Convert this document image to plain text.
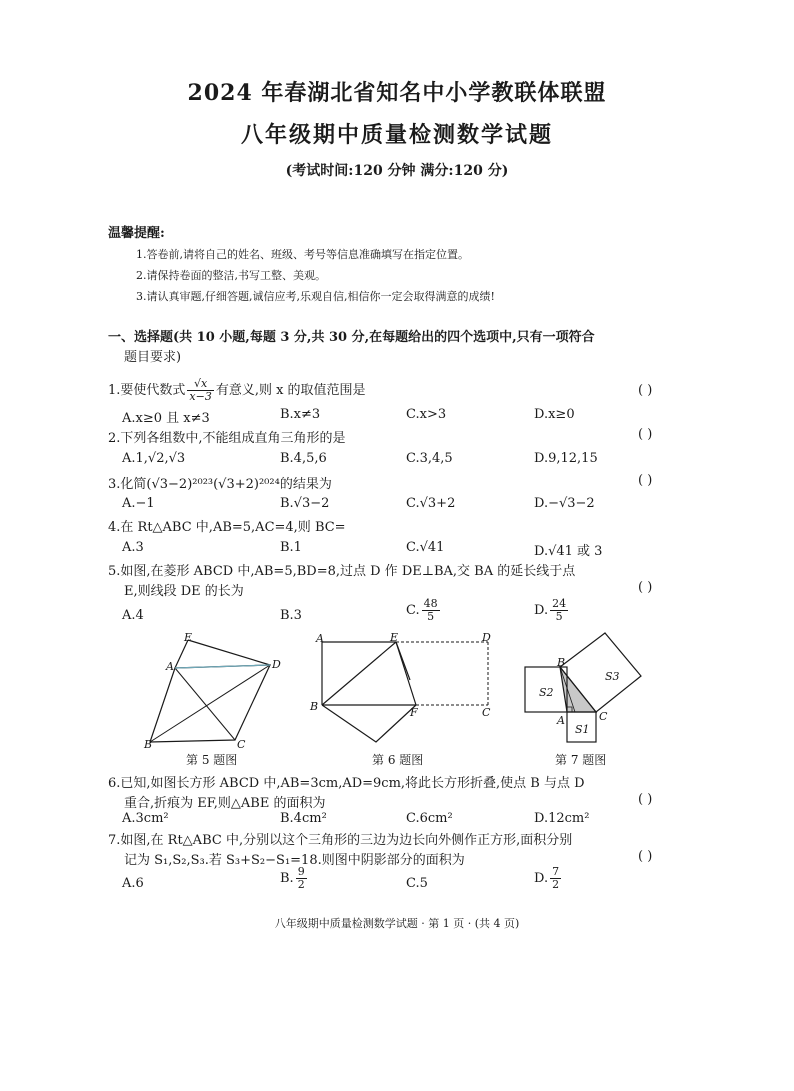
2024 年春湖北省知名中小学教联体联盟
八年级期中质量检测数学试题
(考试时间:120 分钟 满分:120 分)
温馨提醒:
1.答卷前,请将自己的姓名、班级、考号等信息准确填写在指定位置。
2.请保持卷面的整洁,书写工整、美观。
3.请认真审题,仔细答题,诚信应考,乐观自信,相信你一定会取得满意的成绩!
一、选择题(共 10 小题,每题 3 分,共 30 分,在每题给出的四个选项中,只有一项符合
题目要求)
1.要使代数式 $\frac{√x}{x-3}$ 有意义,则 x 的取值范围是	( )
A.x≥0 且 x≠3	B.x≠3	C.x>3	D.x≥0
2.下列各组数中,不能组成直角三角形的是	( )
A.1,√2,√3	B.4,5,6	C.3,4,5	D.9,12,15
3.化简(√3−2)²⁰²³(√3+2)²⁰²⁴的结果为	( )
A.−1	B.√3−2	C.√3+2	D.−√3−2
4.在 Rt△ABC 中,AB=5,AC=4,则 BC=
A.3	B.1	C.√41	D.√41 或 3
5.如图,在菱形 ABCD 中,AB=5,BD=8,过点 D 作 DE⊥BA,交 BA 的延长线于点
E,则线段 DE 的长为	( )
A.4	B.3	C. $\frac{48}{5}$	D. $\frac{24}{5}$
E
A	D
B	C
第 5 题图
A	E	D
B	F	C
第 6 题图
B
S3
S2
A	C
S1
第 7 题图
6.已知,如图长方形 ABCD 中,AB=3cm,AD=9cm,将此长方形折叠,使点 B 与点 D
重合,折痕为 EF,则△ABE 的面积为	( )
A.3cm²	B.4cm²	C.6cm²	D.12cm²
7.如图,在 Rt△ABC 中,分别以这个三角形的三边为边长向外侧作正方形,面积分别
记为 S₁,S₂,S₃.若 S₃+S₂−S₁=18.则图中阴影部分的面积为	( )
A.6	B. $\frac{9}{2}$	C.5	D. $\frac{7}{2}$
八年级期中质量检测数学试题 · 第 1 页 · (共 4 页)
